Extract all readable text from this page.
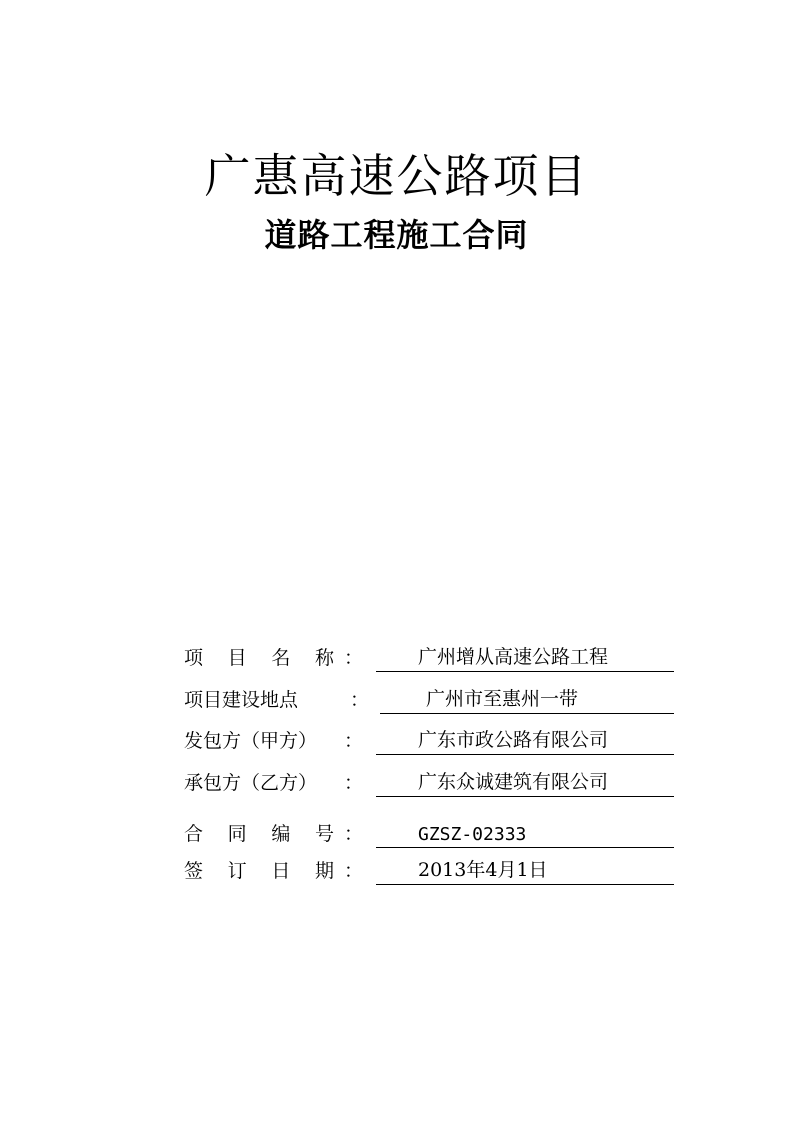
广惠高速公路项目
道路工程施工合同
项 目 名 称 ：	广州增从高速公路工程
项目建设地点	：	广州市至惠州一带
发包方（甲方） ：	广东市政公路有限公司
承包方（乙方） ：	广东众诚建筑有限公司
合 同 编 号 ：	GZSZ-02333
签 订 日 期 ：	2013年4月1日
